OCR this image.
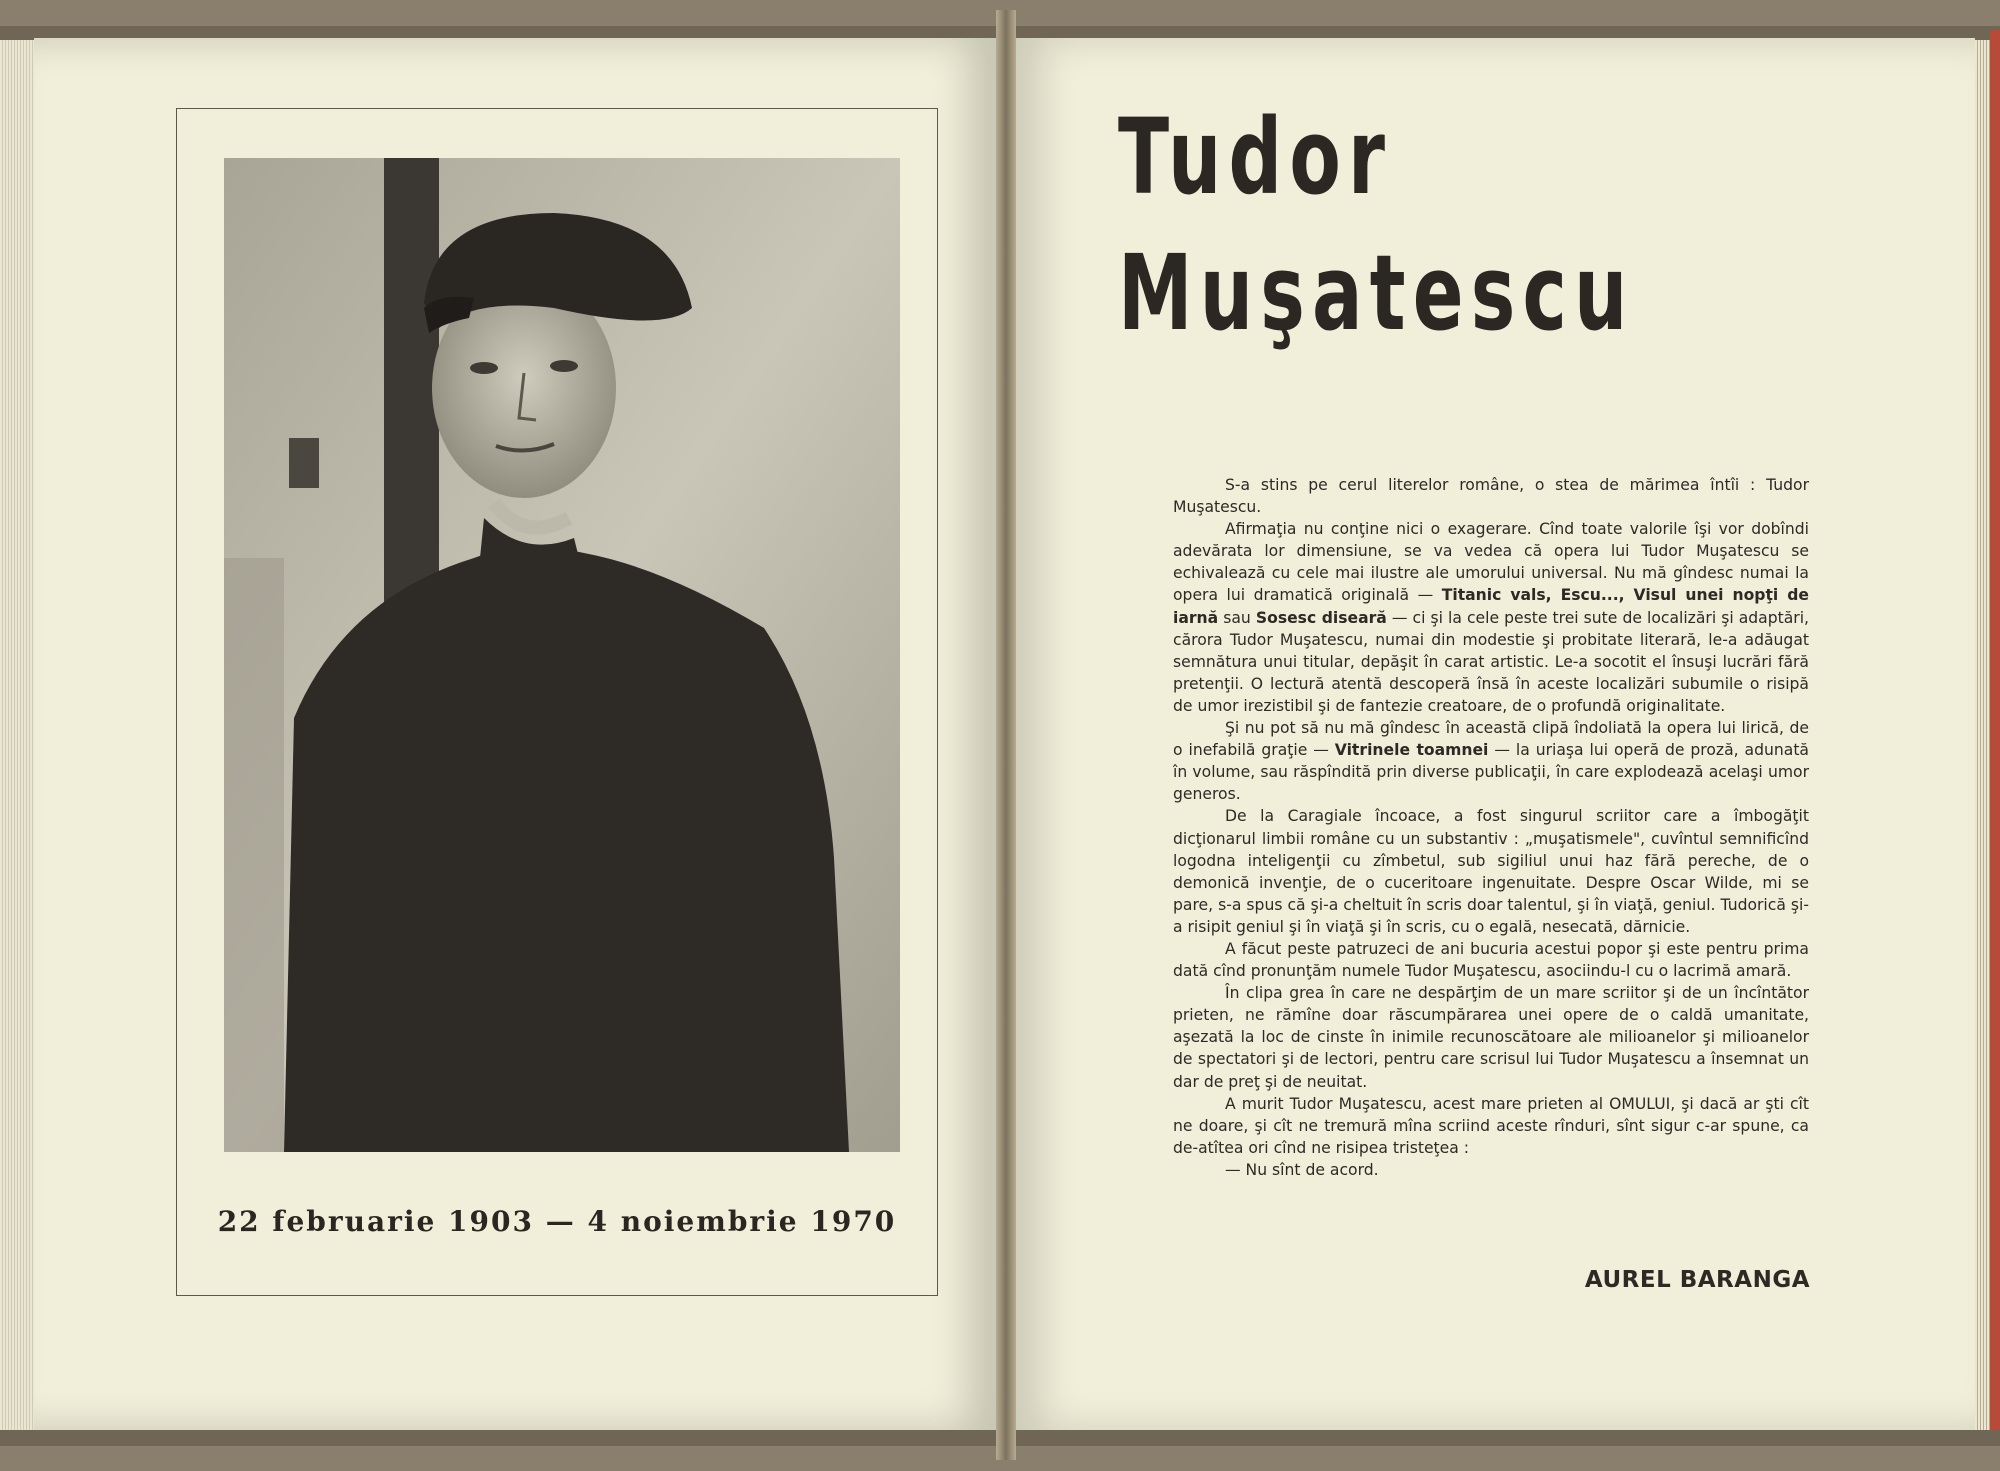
22 februarie 1903 — 4 noiembrie 1970
Tudor
Muşatescu

S-a stins pe cerul literelor române, o stea de mărimea întîi : Tudor Muşatescu.

Afirmaţia nu conţine nici o exagerare. Cînd toate valorile îşi vor dobîndi adevărata lor dimensiune, se va vedea că opera lui Tudor Muşatescu se echivalează cu cele mai ilustre ale umorului universal. Nu mă gîndesc numai la opera lui dramatică originală — Titanic vals, Escu..., Visul unei nopţi de iarnă sau Sosesc diseară — ci şi la cele peste trei sute de localizări şi adaptări, cărora Tudor Muşatescu, numai din modestie şi probitate literară, le-a adăugat semnătura unui titular, depăşit în carat artistic. Le-a socotit el însuşi lucrări fără pretenţii. O lectură atentă descoperă însă în aceste localizări subumile o risipă de umor irezistibil şi de fantezie creatoare, de o profundă originalitate.

Şi nu pot să nu mă gîndesc în această clipă îndoliată la opera lui lirică, de o inefabilă graţie — Vitrinele toamnei — la uriaşa lui operă de proză, adunată în volume, sau răspîndită prin diverse publicaţii, în care explodează acelaşi umor generos.

De la Caragiale încoace, a fost singurul scriitor care a îmbogăţit dicţionarul limbii române cu un substantiv : „muşatismele", cuvîntul semnificînd logodna inteligenţii cu zîmbetul, sub sigiliul unui haz fără pereche, de o demonică invenţie, de o cuceritoare ingenuitate. Despre Oscar Wilde, mi se pare, s-a spus că şi-a cheltuit în scris doar talentul, şi în viaţă, geniul. Tudorică şi-a risipit geniul şi în viaţă şi în scris, cu o egală, nesecată, dărnicie.

A făcut peste patruzeci de ani bucuria acestui popor şi este pentru prima dată cînd pronunţăm numele Tudor Muşatescu, asociindu-l cu o lacrimă amară.

În clipa grea în care ne despărţim de un mare scriitor şi de un încîntător prieten, ne rămîne doar răscumpărarea unei opere de o caldă umanitate, aşezată la loc de cinste în inimile recunoscătoare ale milioanelor şi milioanelor de spectatori şi de lectori, pentru care scrisul lui Tudor Muşatescu a însemnat un dar de preţ şi de neuitat.

A murit Tudor Muşatescu, acest mare prieten al OMULUI, şi dacă ar şti cît ne doare, şi cît ne tremură mîna scriind aceste rînduri, sînt sigur c-ar spune, ca de-atîtea ori cînd ne risipea tristeţea :

— Nu sînt de acord.

AUREL BARANGA
